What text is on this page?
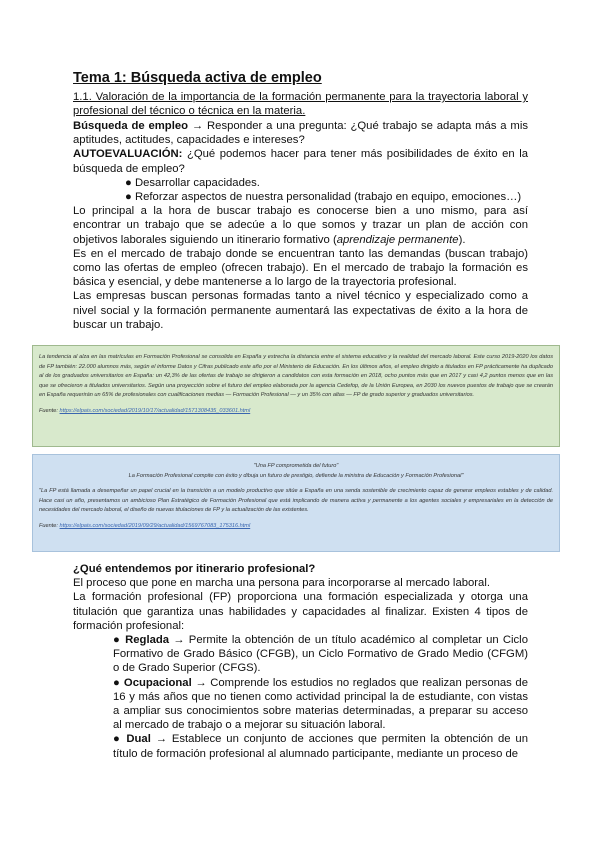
Tema 1: Búsqueda activa de empleo
1.1. Valoración de la importancia de la formación permanente para la trayectoria laboral y profesional del técnico o técnica en la materia.

Búsqueda de empleo → Responder a una pregunta: ¿Qué trabajo se adapta más a mis aptitudes, actitudes, capacidades e intereses?

AUTOEVALUACIÓN: ¿Qué podemos hacer para tener más posibilidades de éxito en la búsqueda de empleo?

● Desarrollar capacidades.
● Reforzar aspectos de nuestra personalidad (trabajo en equipo, emociones…)

Lo principal a la hora de buscar trabajo es conocerse bien a uno mismo, para así encontrar un trabajo que se adecúe a lo que somos y trazar un plan de acción con objetivos laborales siguiendo un itinerario formativo (aprendizaje permanente).

Es en el mercado de trabajo donde se encuentran tanto las demandas (buscan trabajo) como las ofertas de empleo (ofrecen trabajo). En el mercado de trabajo la formación es básica y esencial, y debe mantenerse a lo largo de la trayectoria profesional.

Las empresas buscan personas formadas tanto a nivel técnico y especializado como a nivel social y la formación permanente aumentará las expectativas de éxito a la hora de buscar un trabajo.

La tendencia al alza en las matrículas en Formación Profesional se consolida en España y estrecha la distancia entre el sistema educativo y la realidad del mercado laboral. Este curso 2019-2020 los datos de FP también: 22.000 alumnos más, según el informe Datos y Cifras publicado este año por el Ministerio de Educación. En los últimos años, el empleo dirigido a titulados en FP prácticamente ha duplicado al de los graduados universitarios en España: un 42,3% de las ofertas de trabajo se dirigieron a candidatos con esta formación en 2018, ocho puntos más que en 2017 y casi 4,2 puntos menos que en las que se ofrecieron a titulados universitarios. Según una proyección sobre el futuro del empleo elaborada por la agencia Cedefop, de la Unión Europea, en 2030 los nuevos puestos de trabajo que se crearán en España requerirán un 65% de profesionales con cualificaciones medias — Formación Profesional — y un 35% con altas — FP de grado superior y graduados universitarios.

Fuente: https://elpais.com/sociedad/2019/10/17/actualidad/1571308435_033601.html

"Una FP comprometida del futuro"

La Formación Profesional compite con éxito y dibuja un futuro de prestigio, defiende la ministra de Educación y Formación Profesional"

"La FP está llamada a desempeñar un papel crucial en la transición a un modelo productivo que sitúe a España en una senda sostenible de crecimiento capaz de generar empleos estables y de calidad. Hace casi un año, presentamos un ambicioso Plan Estratégico de Formación Profesional que está implicando de manera activa y permanente a los agentes sociales y empresariales en la detección de necesidades del mercado laboral, el diseño de nuevas titulaciones de FP y la actualización de las existentes.

Fuente: https://elpais.com/sociedad/2019/09/29/actualidad/1569767083_175316.html

¿Qué entendemos por itinerario profesional?

El proceso que pone en marcha una persona para incorporarse al mercado laboral.

La formación profesional (FP) proporciona una formación especializada y otorga una titulación que garantiza unas habilidades y capacidades al finalizar. Existen 4 tipos de formación profesional:

● Reglada → Permite la obtención de un título académico al completar un Ciclo Formativo de Grado Básico (CFGB), un Ciclo Formativo de Grado Medio (CFGM) o de Grado Superior (CFGS).
● Ocupacional → Comprende los estudios no reglados que realizan personas de 16 y más años que no tienen como actividad principal la de estudiante, con vistas a ampliar sus conocimientos sobre materias determinadas, a preparar su acceso al mercado de trabajo o a mejorar su situación laboral.
● Dual → Establece un conjunto de acciones que permiten la obtención de un título de formación profesional al alumnado participante, mediante un proceso de
